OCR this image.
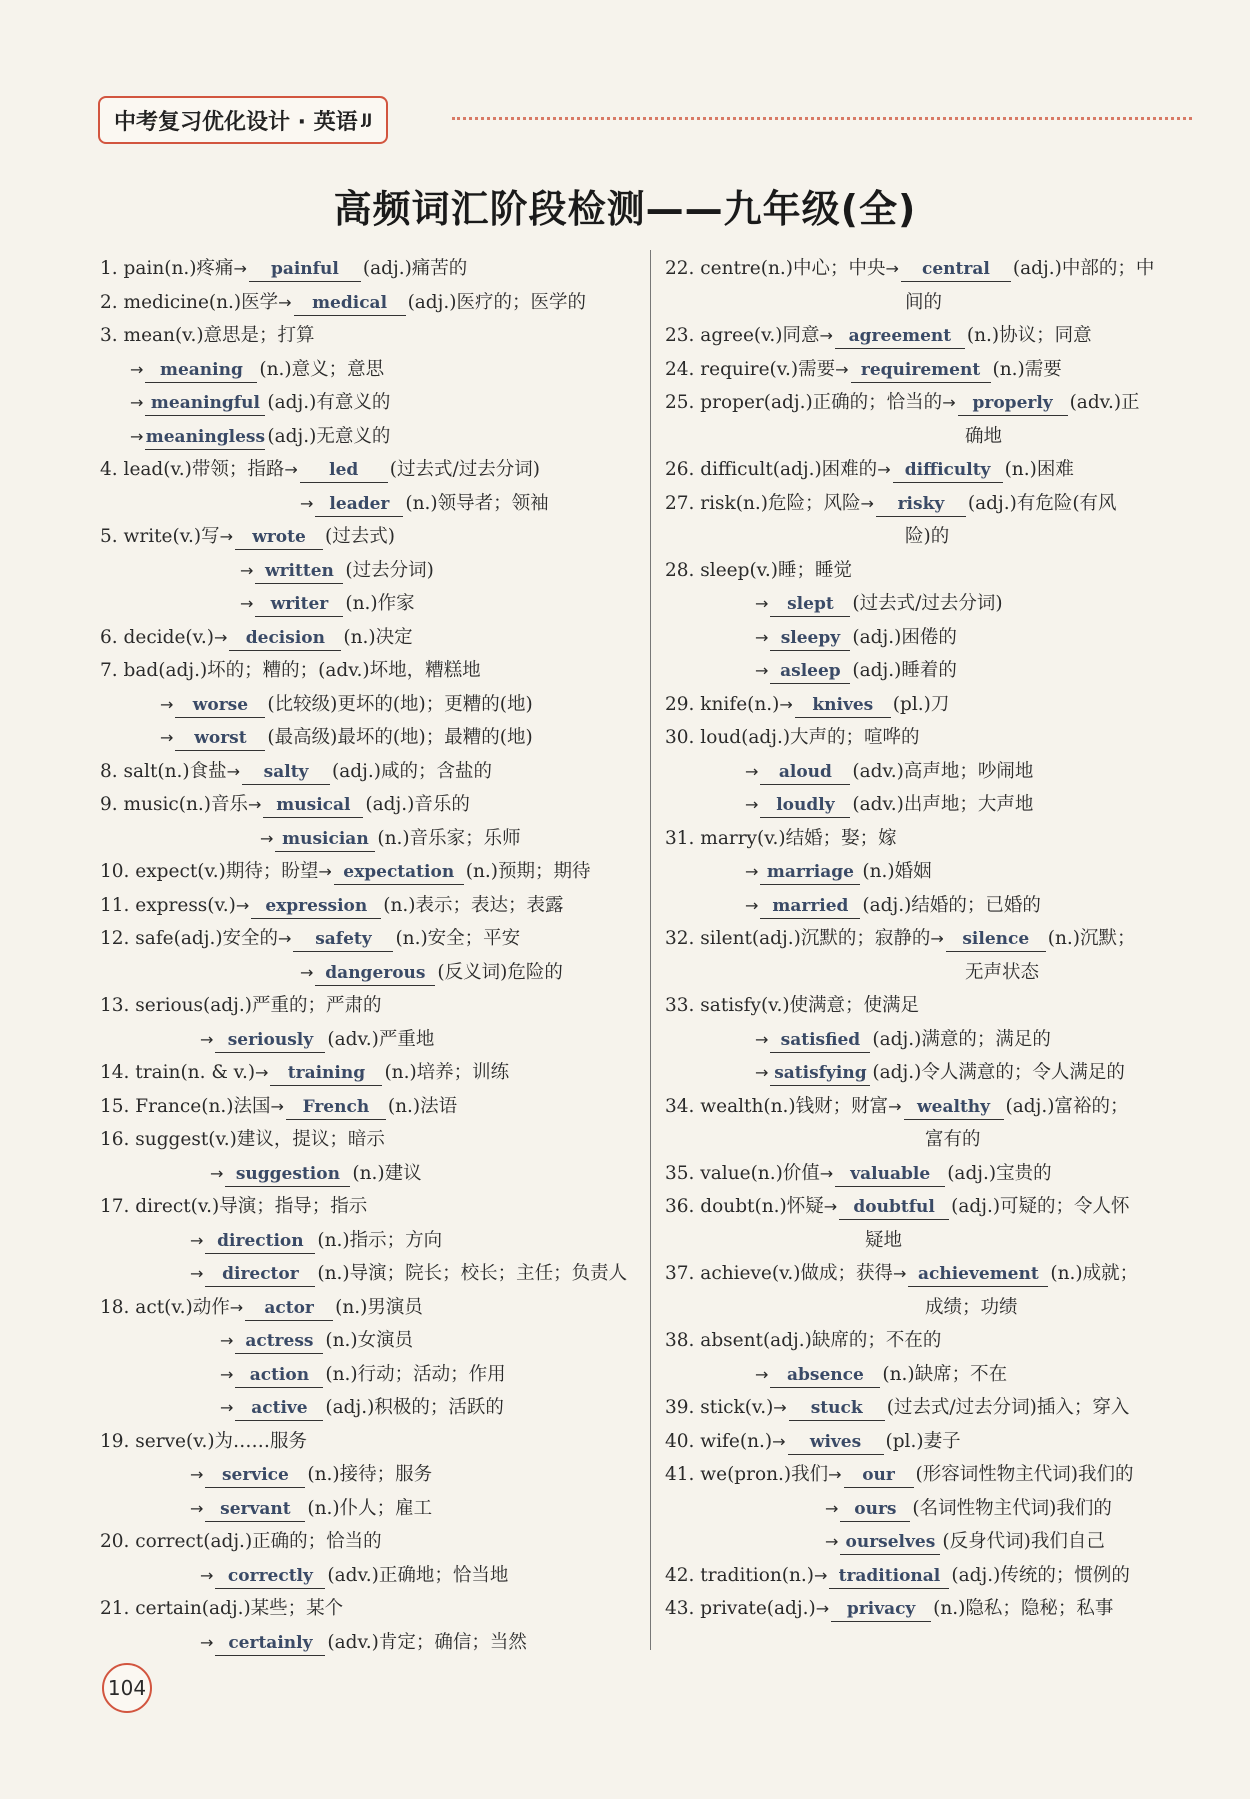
中考复习优化设计 · 英语 JJ
高频词汇阶段检测——九年级(全)
1. pain(n.)疼痛→ painful (adj.)痛苦的
2. medicine(n.)医学→ medical (adj.)医疗的；医学的
3. mean(v.)意思是；打算
→ meaning (n.)意义；意思
→ meaningful (adj.)有意义的
→ meaningless (adj.)无意义的
4. lead(v.)带领；指路→ led (过去式/过去分词)
→ leader (n.)领导者；领袖
5. write(v.)写→ wrote (过去式)
→ written (过去分词)
→ writer (n.)作家
6. decide(v.)→ decision (n.)决定
7. bad(adj.)坏的；糟的；(adv.)坏地，糟糕地
→ worse (比较级)更坏的(地)；更糟的(地)
→ worst (最高级)最坏的(地)；最糟的(地)
8. salt(n.)食盐→ salty (adj.)咸的；含盐的
9. music(n.)音乐→ musical (adj.)音乐的
→ musician (n.)音乐家；乐师
10. expect(v.)期待；盼望→ expectation (n.)预期；期待
11. express(v.)→ expression (n.)表示；表达；表露
12. safe(adj.)安全的→ safety (n.)安全；平安
→ dangerous (反义词)危险的
13. serious(adj.)严重的；严肃的
→ seriously (adv.)严重地
14. train(n. & v.)→ training (n.)培养；训练
15. France(n.)法国→ French (n.)法语
16. suggest(v.)建议，提议；暗示
→ suggestion (n.)建议
17. direct(v.)导演；指导；指示
→ direction (n.)指示；方向
→ director (n.)导演；院长；校长；主任；负责人
18. act(v.)动作→ actor (n.)男演员
→ actress (n.)女演员
→ action (n.)行动；活动；作用
→ active (adj.)积极的；活跃的
19. serve(v.)为……服务
→ service (n.)接待；服务
→ servant (n.)仆人；雇工
20. correct(adj.)正确的；恰当的
→ correctly (adv.)正确地；恰当地
21. certain(adj.)某些；某个
→ certainly (adv.)肯定；确信；当然
22. centre(n.)中心；中央→ central (adj.)中部的；中
间的
23. agree(v.)同意→ agreement (n.)协议；同意
24. require(v.)需要→ requirement (n.)需要
25. proper(adj.)正确的；恰当的→ properly (adv.)正
确地
26. difficult(adj.)困难的→ difficulty (n.)困难
27. risk(n.)危险；风险→ risky (adj.)有危险(有风
险)的
28. sleep(v.)睡；睡觉
→ slept (过去式/过去分词)
→ sleepy (adj.)困倦的
→ asleep (adj.)睡着的
29. knife(n.)→ knives (pl.)刀
30. loud(adj.)大声的；喧哗的
→ aloud (adv.)高声地；吵闹地
→ loudly (adv.)出声地；大声地
31. marry(v.)结婚；娶；嫁
→ marriage (n.)婚姻
→ married (adj.)结婚的；已婚的
32. silent(adj.)沉默的；寂静的→ silence (n.)沉默；
无声状态
33. satisfy(v.)使满意；使满足
→ satisfied (adj.)满意的；满足的
→ satisfying (adj.)令人满意的；令人满足的
34. wealth(n.)钱财；财富→ wealthy (adj.)富裕的；
富有的
35. value(n.)价值→ valuable (adj.)宝贵的
36. doubt(n.)怀疑→ doubtful (adj.)可疑的；令人怀
疑地
37. achieve(v.)做成；获得→ achievement (n.)成就；
成绩；功绩
38. absent(adj.)缺席的；不在的
→ absence (n.)缺席；不在
39. stick(v.)→ stuck (过去式/过去分词)插入；穿入
40. wife(n.)→ wives (pl.)妻子
41. we(pron.)我们→ our (形容词性物主代词)我们的
→ ours (名词性物主代词)我们的
→ ourselves (反身代词)我们自己
42. tradition(n.)→ traditional (adj.)传统的；惯例的
43. private(adj.)→ privacy (n.)隐私；隐秘；私事
104
